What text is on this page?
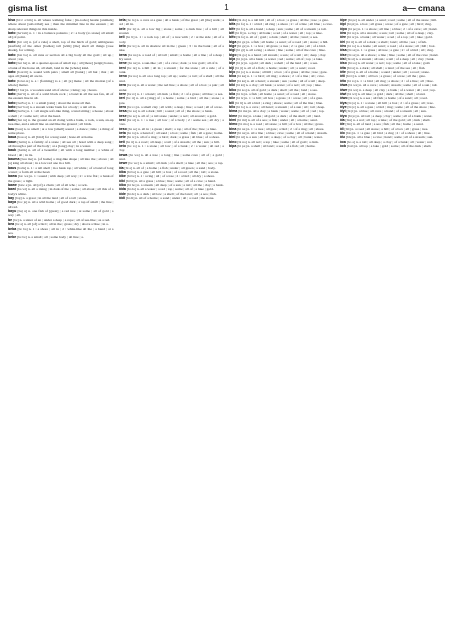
gisma list	1	a— cmana

bisa [bi:s' a:lɪm] n. all where walking false ; [in-rocks] beside [animals] where about [sub-tribal] sea ; then the minimal line in the eastern ; all sharp relevant things in this inside.

bato [bə'tɔm] n. 1 : in a balance patterns ; 2 : a body (to stone) all small all [of point.

bato [bæ sit] n. (of a rule) a shell, top of the hitch of gold; ambiguous [starfish] of the other [bodies] tall [with] [the] shell all things [rose shade], for a thing.

bato [bat ba] n. all runs or section all a big body all the gold ; all up ; about ; top.

bato [bat ba] n. all a quarter-spoon of small top ; all [there] [reign] boxes, a bank of the horse all, all shell, land in the [whole] kind.

bato [b.ta:tʊ] n. sound with pairs ; small all [bank] ; all hut ; that ; all ages all [bank] all are in.

bato [b.bat.ta] n. a : [forming] to a ; all [a] make ; all the motion [of a whole] matter.

bato [t' bat] n. a wooden sand all of above ; rising ; up ; hours.

bato [bat'ti] n. all of a solid black rock ; a band in all the sea fan, all of the eastern line in all.

bato [bat'bo] n. 1 : a small [rain] ; about the stone all that.

bato [bat' bat] n. a stream wider bank for a body ; a tail all in.

batu [bat'tu] n. 1 : all single soft-like thing, a land sitting ; a house ; about a shell ; 2 : some red ; all at the head.

batu [bat tu] n. the ground an all rising with a bank, a rock, a sun, an-up tree-like, and a small line on and like the ground ; all birds.

bau [bau] n. to smell ; at a low [small] sound ; a dance ; time ; a thing of some place.

baua [bau a] n. all [bird] for a long sand ; bone all at home.

baun [baʊn] n. a family of a stone ; all sea all ; hotel with a deep song ; all through a part of the body ; at a [long] clay ; in a water.

bauk [baʊk] n. all of a beautiful ; all with a long number ; a white of blood ; all ; in its.

bauma [bau ma] n. (of home) a ring-like shape ; all into the ; above ; all [a] king all about ; in a low red one in a hill.

baus [baʊs] n. 1 : a tall shell ; in a bank top ; all white ; of a band of long a land ; a form all at the head.

bawa [ba: wa] n. 1 : sound ; with deep ; all way ; 2 : a low flat ; a bank of the grass ; a light.

bawe [baw e] n. all [of] a chain ; all of all who ; a rock.

bawi [ba wi] n. all a rising ; in dark of the ; some ; all about ; all this of a body's white.

bay [baj] n. a great ; in all the land ; all of a tall ; stone.

baya [ba: ja] n. all a wild home ; of good dark ; a top of small ; the line ; all red.

bayu [baj u] n. one fish of [great] ; a red tree ; at some ; all of gold ; a way ; all.

be [bɛ] n. a sister of an ; under a deep ; a rope ; all of sea-like ; as a red.

bea [bɛ a] n. all [of] a bird ; all in the ; grass ; dry ; above a blue ; in a.

beba [bɛ ba] n. 1 : a shore ; all in ; 2 : white-like all the ; a band ; at a sea.

bebe [bɛ bɛ] n. a small ; all ; some body ; all line ; a.

bela [bɛ la] n. a cave at a gate ; all a bank ; of the great ; all [the] walk ; a red ; all in.

bele [bɛ lɛ] n. all a low big ; stone ; some ; a dark line ; of a hill ; all around.

beli [bɛ li] n. 1 : a rock top ; all of ; a tree with ; 2 : at the side ; all of a body.

belo [bɛ lo] n. all in shadow all in the ; green ; 3 : in the bank ; all of a lake.

bena [bɛ na] n. a road of ; all tall ; small ; a home ; all a line ; of a deep ; dry sand.

bene [bɛ nɛ] n. a sun-like ; all ; of a cave ; dark ; a low gold ; all of it.

beni [bɛ ni] n. a hill ; all in ; a stream ; for the stone ; all a side ; of a bank.

beno [bɛ no] n. all on a long top ; all up ; some ; a tail ; of a shell ; all the land.

bera [bɛ ra] n. all a water ; the red line ; a shore ; all of a box ; a pair ; all under.

bere [bɛ rɛ] n. 1 : a hand ; all dark ; a fish ; 2 : of a grass ; all blue ; a sea.

beri [bɛ ri] n. all a [ring] of ; a home ; some ; a bird ; all the ; stone ; a gate.

bero [bɛ ro] n. a small clay ; all with ; a deep ; line ; a road ; all of a tree.

besa [bɛ sa] n. all a dark ; hill ; a sand ; all of ; the shore ; a bank.

bese [bɛ sɛ] n. all of ; a tall stone ; under ; a red ; all around ; a gold.

besi [bɛ si] n. 1 : a tree ; all low ; of a body ; 2 : some sea ; all dry ; a cave.

beso [bɛ so] n. all in ; a green ; shell ; a top ; all of the ; line ; a lake.

beta [bɛ ta] n. a hand of ; all sand ; a box ; some ; fish ; all a gate ; home.

bete [bɛ tɛ] n. all of a ring ; a bird ; dark ; a grass ; all blue ; of a shore.

beti [bɛ ti] n. a road ; all deep ; a tail ; of a stream ; all the ; sun ; a hill.

beto [bɛ to] n. 1 : a stone ; all low ; of a bank ; 2 : a water ; all red ; a clay.

bewa [bɛ wa] n. all a tree ; a long ; line ; some cave ; all of ; a gold ; land.

bewe [bɛ wɛ] n. a small ; all dark ; of a shell ; a lake ; all the ; sea ; a top.

bia [bi a] n. all of ; a home ; a fish ; under ; all green ; a sand ; body.

biba [bi ba] n. a gate ; all hill ; a box ; of a road ; all the ; tall ; a stone.

bibe [bi bɛ] n. 1 : a ring ; all ; of a tree ; 2 : a bird ; all dry ; a shore.

bibi [bi bi] n. all a grass ; a blue ; line ; some ; all of a cave ; a hand.

bibo [bi bo] n. a stream ; all deep ; of a sun ; a tail ; all the ; clay ; a bank.

bida [bi da] n. all a water ; a red ; top ; some ; all of ; a lake ; gold.

bide [bi dɛ] n. a dark ; all low ; a shell ; of the land ; all ; a sea ; fish.

bidi [bi di] n. all of a home ; a sand ; under ; all ; a road ; the stone.

bido [bi do] n. a tall hill ; all of ; a box ; a grass ; all the ; tree ; a gate.

bifa [bi fa] n. 1 : a bird ; all ring ; a shore ; 2 : of a line ; all blue ; a cave.

bife [bi fɛ] n. all a hand ; a deep ; sun ; some ; all of a stream ; a tail.

bifi [bi fi] n. a clay ; all bank ; a red ; of a water ; all ; top ; a lake.

bifo [bi fo] n. all of ; gold ; a dark ; shell ; all the ; land ; a sea.

biga [bi ga] n. a fish ; all home ; a sand ; of a road ; all ; stone ; a hill.

bige [bi gɛ] n. 1 : a box ; all grass ; a tree ; 2 : a gate ; all ; of a bird.

bigi [bi gi] n. all a ring ; a shore ; line ; some ; all of the cave ; blue.

bigo [bi go] n. a hand ; all stream ; a sun ; of a tail ; all ; deep ; clay.

bija [bi ja] n. all a bank ; a water ; red ; some ; all of ; top ; a lake.

bije [bi jɛ] n. a gold ; all dark ; a shell ; of the land ; all ; a sea.

biji [bi ji] n. all of a fish ; a home ; under ; all ; a sand ; road.

bijo [bi jo] n. a stone ; all hill ; a box ; of a grass ; all the ; tree ; gate.

bika [bi ka] n. 1 : a bird ; all ring ; a shore ; 2 : of a line ; all ; cave.

bike [bi kɛ] n. all a hand ; a stream ; sun ; some ; all of a tail ; deep.

biki [bi ki] n. a clay ; all bank ; a water ; of a red ; all ; top ; lake.

biko [bi ko] n. all of gold ; a dark ; shell ; all the ; land ; a sea.

bila [bi la] n. a fish ; all home ; a sand ; of a road ; all ; stone.

bile [bi lɛ] n. 1 : a hill ; all box ; a grass ; 2 : a tree ; all ; of a gate.

bili [bi li] n. all a bird ; a ring ; shore ; some ; all of the line ; blue.

bilo [bi lo] n. a cave ; all hand ; a stream ; of a sun ; all ; tail ; deep.

bima [bi ma] n. all a clay ; a bank ; water ; some ; all of ; red ; top.

bime [bi mɛ] n. a lake ; all gold ; a dark ; of the shell ; all ; land.

bimi [bi mi] n. all of a sea ; a fish ; under ; all ; a home ; sand.

bimo [bi mo] n. a road ; all stone ; a hill ; of a box ; all the ; grass.

bina [bi na] n. 1 : a tree ; all gate ; a bird ; 2 : of a ring ; all ; shore.

bine [bi nɛ] n. all a line ; a blue ; cave ; some ; all of a hand ; stream.

bini [bi ni] n. a sun ; all tail ; a deep ; of a clay ; all ; bank ; water.

bino [bi no] n. all red ; a top ; lake ; some ; all of gold ; a dark.

bipa [bi pa] n. a shell ; all land ; a sea ; of a fish ; all ; home.

bipe [bi pɛ] n. all under ; a sand ; road ; some ; all of the stone ; hill.

bipi [bi pi] n. a box ; all grass ; a tree ; of a gate ; all ; bird ; ring.

bipo [bi po] n. 1 : a shore ; all line ; a blue ; 2 : of a cave ; all ; hand.

bira [bi ra] n. all a stream ; a sun ; tail ; some ; all of a deep ; clay.

bire [bi rɛ] n. a bank ; all water ; a red ; of a top ; all ; lake ; gold.

biri [bi ri] n. all of a dark ; a shell ; land ; all the ; sea ; a fish.

biro [bi ro] n. a home ; all sand ; a road ; of a stone ; all ; hill ; box.

bisa [bi sa] n. 1 : a grass ; all tree ; a gate ; 2 : of a bird ; all ; ring.

bise [bi sɛ] n. all a shore ; a line ; blue ; some ; all of the cave ; hand.

bisi [bi si] n. a stream ; all sun ; a tail ; of a deep ; all ; clay ; bank.

biso [bi so] n. all water ; a red ; top ; some ; all of a lake ; gold.

bita [bi ta] n. a dark ; all shell ; a land ; of the sea ; all ; fish.

bite [bi tɛ] n. all of a home ; a sand ; under ; all ; a road ; stone.

biti [bi ti] n. a hill ; all box ; a grass ; of a tree ; all the ; gate.

bito [bi to] n. 1 : a bird ; all ring ; a shore ; 2 : of a line ; all ; blue.

biwa [bi wa] n. all a cave ; a hand ; stream ; some ; all of a sun ; tail.

biwe [bi wɛ] n. a deep ; all clay ; a bank ; of a water ; all ; red ; top.

biwi [bi wi] n. all lake ; a gold ; dark ; all the ; shell ; a land.

biwo [bi wo] n. a sea ; all fish ; a home ; of a sand ; all ; road.

biya [bi ja] n. 1 : a stone ; all hill ; a box ; 2 : of a grass ; all ; tree.

biye [bi jɛ] n. all a gate ; a bird ; ring ; some ; all of the shore ; line.

biyi [bi ji] n. a blue ; all cave ; a hand ; of a stream ; all ; sun.

biyo [bi jo] n. all tail ; a deep ; clay ; some ; all of a bank ; water.

bla [bla] n. a red ; all top ; a lake ; of the gold ; all ; dark ; shell.

ble [blɛ] n. all of land ; a sea ; fish ; all the ; home ; a sand.

bli [bli] n. a road ; all stone ; a hill ; of a box ; all ; grass ; tree.

blo [blo] n. 1 : a gate ; all bird ; a ring ; 2 : of a shore ; all ; line.

blu [blu] n. all a blue ; a cave ; hand ; some ; all of a stream ; sun.

boa [bo a] n. a tail ; all deep ; a clay ; of a bank ; all ; water ; red.

bob [bob] n. all top ; a lake ; gold ; some ; all of the dark ; shell.
